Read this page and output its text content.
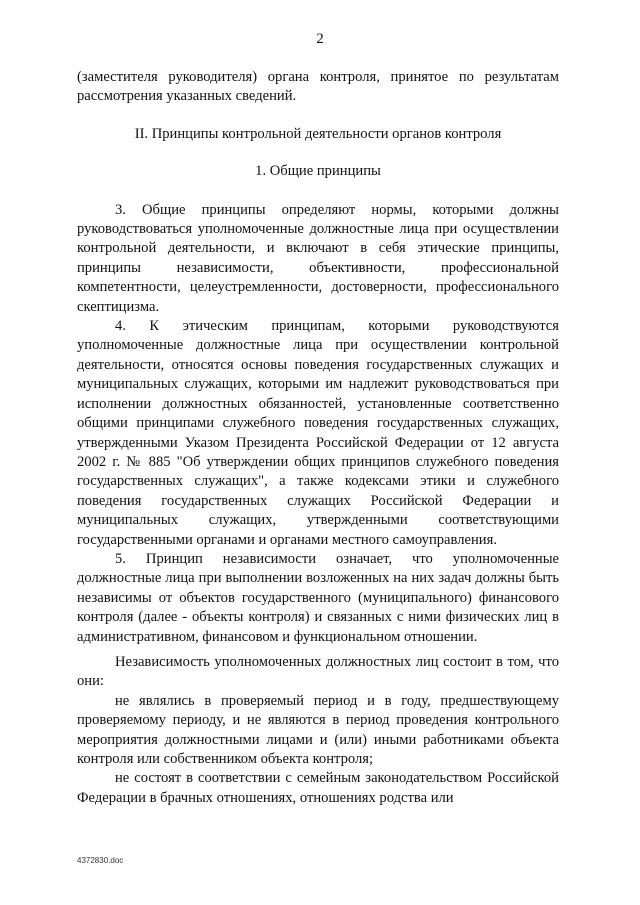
2

(заместителя руководителя) органа контроля, принятое по результатам рассмотрения указанных сведений.

II. Принципы контрольной деятельности органов контроля

1. Общие принципы

3. Общие принципы определяют нормы, которыми должны руководствоваться уполномоченные должностные лица при осуществлении контрольной деятельности, и включают в себя этические принципы, принципы независимости, объективности, профессиональной компетентности, целеустремленности, достоверности, профессионального скептицизма.

4. К этическим принципам, которыми руководствуются уполномоченные должностные лица при осуществлении контрольной деятельности, относятся основы поведения государственных служащих и муниципальных служащих, которыми им надлежит руководствоваться при исполнении должностных обязанностей, установленные соответственно общими принципами служебного поведения государственных служащих, утвержденными Указом Президента Российской Федерации от 12 августа 2002 г. № 885 "Об утверждении общих принципов служебного поведения государственных служащих", а также кодексами этики и служебного поведения государственных служащих Российской Федерации и муниципальных служащих, утвержденными соответствующими государственными органами и органами местного самоуправления.

5. Принцип независимости означает, что уполномоченные должностные лица при выполнении возложенных на них задач должны быть независимы от объектов государственного (муниципального) финансового контроля (далее - объекты контроля) и связанных с ними физических лиц в административном, финансовом и функциональном отношении.

Независимость уполномоченных должностных лиц состоит в том, что они:

не являлись в проверяемый период и в году, предшествующему проверяемому периоду, и не являются в период проведения контрольного мероприятия должностными лицами и (или) иными работниками объекта контроля или собственником объекта контроля;

не состоят в соответствии с семейным законодательством Российской Федерации в брачных отношениях, отношениях родства или

4372830.doc
